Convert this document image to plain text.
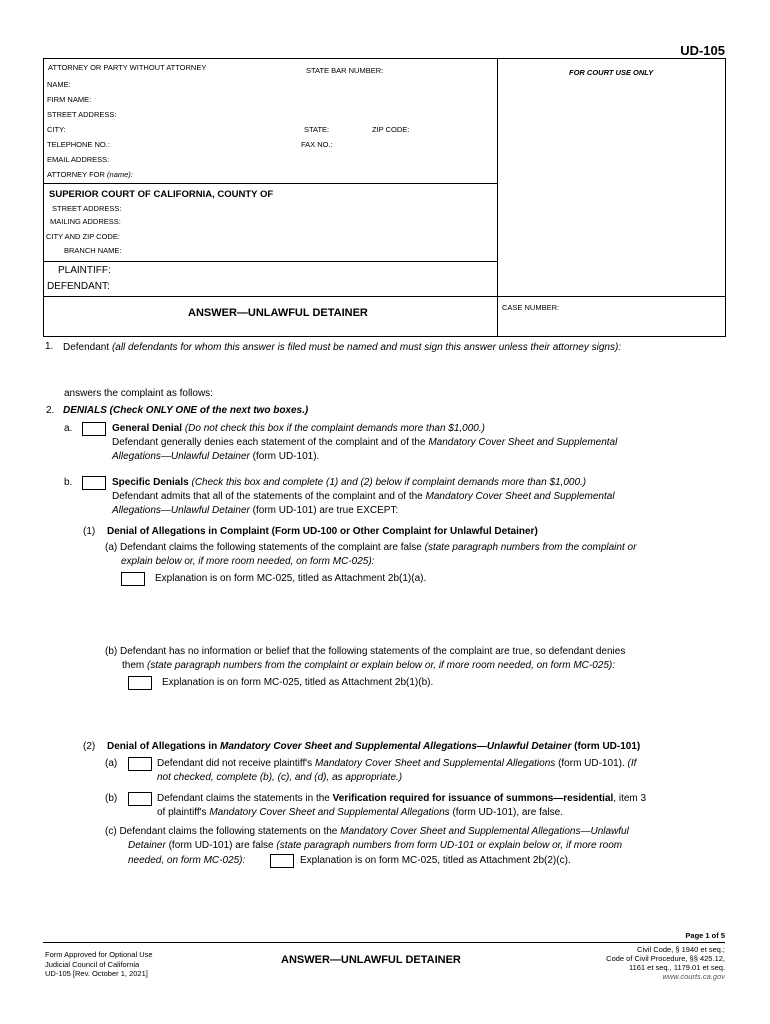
UD-105
ATTORNEY OR PARTY WITHOUT ATTORNEY	STATE BAR NUMBER:	FOR COURT USE ONLY
NAME:
FIRM NAME:
STREET ADDRESS:
CITY:	STATE:	ZIP CODE:
TELEPHONE NO.:	FAX NO.:
EMAIL ADDRESS:
ATTORNEY FOR (name):
SUPERIOR COURT OF CALIFORNIA, COUNTY OF
STREET ADDRESS:
MAILING ADDRESS:
CITY AND ZIP CODE:
BRANCH NAME:
PLAINTIFF:
DEFENDANT:
ANSWER—UNLAWFUL DETAINER	CASE NUMBER:
1. Defendant (all defendants for whom this answer is filed must be named and must sign this answer unless their attorney signs):
answers the complaint as follows:
2. DENIALS (Check ONLY ONE of the next two boxes.)
a.	General Denial (Do not check this box if the complaint demands more than $1,000.)
Defendant generally denies each statement of the complaint and of the Mandatory Cover Sheet and Supplemental
Allegations—Unlawful Detainer (form UD-101).
b.	Specific Denials (Check this box and complete (1) and (2) below if complaint demands more than $1,000.)
Defendant admits that all of the statements of the complaint and of the Mandatory Cover Sheet and Supplemental
Allegations—Unlawful Detainer (form UD-101) are true EXCEPT:
(1) Denial of Allegations in Complaint (Form UD-100 or Other Complaint for Unlawful Detainer)
(a) Defendant claims the following statements of the complaint are false (state paragraph numbers from the complaint or
explain below or, if more room needed, on form MC-025):
Explanation is on form MC-025, titled as Attachment 2b(1)(a).
(b) Defendant has no information or belief that the following statements of the complaint are true, so defendant denies
them (state paragraph numbers from the complaint or explain below or, if more room needed, on form MC-025):
Explanation is on form MC-025, titled as Attachment 2b(1)(b).
(2) Denial of Allegations in Mandatory Cover Sheet and Supplemental Allegations—Unlawful Detainer (form UD-101)
(a)	Defendant did not receive plaintiff's Mandatory Cover Sheet and Supplemental Allegations (form UD-101). (If
not checked, complete (b), (c), and (d), as appropriate.)
(b)	Defendant claims the statements in the Verification required for issuance of summons—residential, item 3
of plaintiff's Mandatory Cover Sheet and Supplemental Allegations (form UD-101), are false.
(c) Defendant claims the following statements on the Mandatory Cover Sheet and Supplemental Allegations—Unlawful
Detainer (form UD-101) are false (state paragraph numbers from form UD-101 or explain below or, if more room
needed, on form MC-025):	Explanation is on form MC-025, titled as Attachment 2b(2)(c).
Page 1 of 5
Form Approved for Optional Use
Judicial Council of California
UD-105 [Rev. October 1, 2021]
ANSWER—UNLAWFUL DETAINER
Civil Code, § 1940 et seq.;
Code of Civil Procedure, §§ 425.12,
1161 et seq., 1179.01 et seq.
www.courts.ca.gov
